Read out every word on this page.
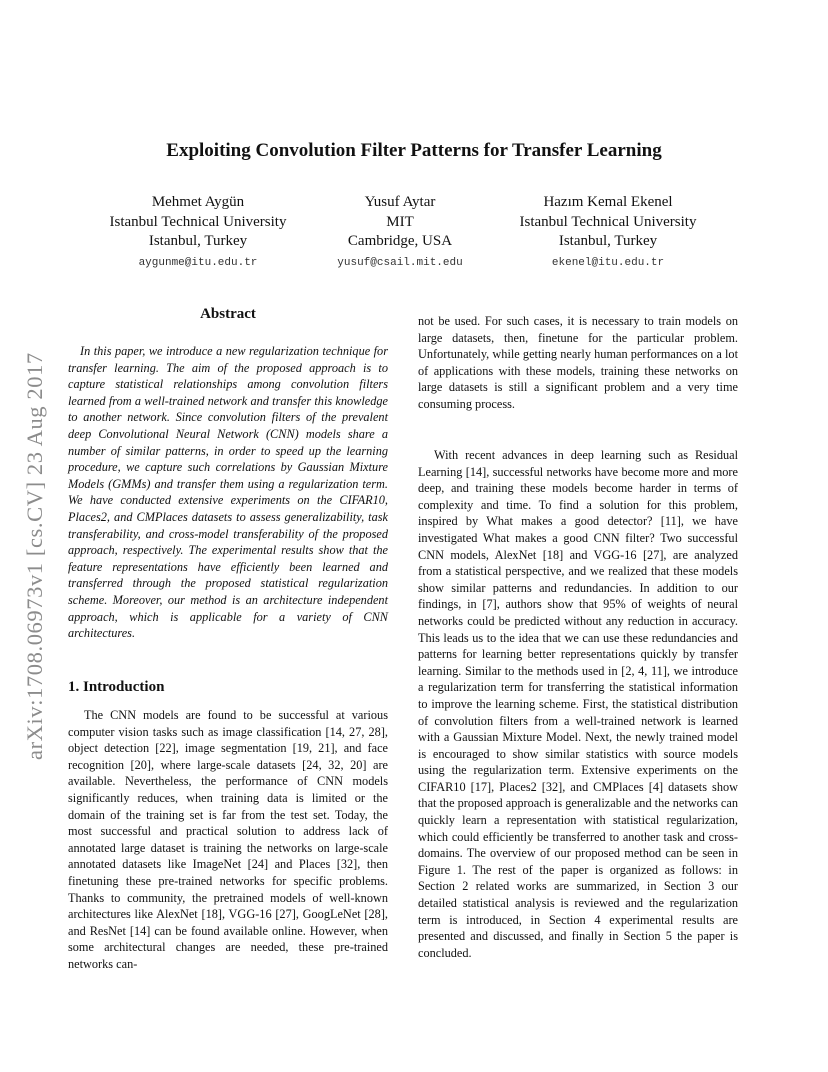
arXiv:1708.06973v1 [cs.CV] 23 Aug 2017
Exploiting Convolution Filter Patterns for Transfer Learning
Mehmet Aygün
Istanbul Technical University
Istanbul, Turkey
aygunme@itu.edu.tr
Yusuf Aytar
MIT
Cambridge, USA
yusuf@csail.mit.edu
Hazım Kemal Ekenel
Istanbul Technical University
Istanbul, Turkey
ekenel@itu.edu.tr
Abstract
In this paper, we introduce a new regularization technique for transfer learning. The aim of the proposed approach is to capture statistical relationships among convolution filters learned from a well-trained network and transfer this knowledge to another network. Since convolution filters of the prevalent deep Convolutional Neural Network (CNN) models share a number of similar patterns, in order to speed up the learning procedure, we capture such correlations by Gaussian Mixture Models (GMMs) and transfer them using a regularization term. We have conducted extensive experiments on the CIFAR10, Places2, and CMPlaces datasets to assess generalizability, task transferability, and cross-model transferability of the proposed approach, respectively. The experimental results show that the feature representations have efficiently been learned and transferred through the proposed statistical regularization scheme. Moreover, our method is an architecture independent approach, which is applicable for a variety of CNN architectures.
1. Introduction
The CNN models are found to be successful at various computer vision tasks such as image classification [14, 27, 28], object detection [22], image segmentation [19, 21], and face recognition [20], where large-scale datasets [24, 32, 20] are available. Nevertheless, the performance of CNN models significantly reduces, when training data is limited or the domain of the training set is far from the test set. Today, the most successful and practical solution to address lack of annotated large dataset is training the networks on large-scale annotated datasets like ImageNet [24] and Places [32], then finetuning these pre-trained networks for specific problems. Thanks to community, the pretrained models of well-known architectures like AlexNet [18], VGG-16 [27], GoogLeNet [28], and ResNet [14] can be found available online. However, when some architectural changes are needed, these pre-trained networks can-
not be used. For such cases, it is necessary to train models on large datasets, then, finetune for the particular problem. Unfortunately, while getting nearly human performances on a lot of applications with these models, training these networks on large datasets is still a significant problem and a very time consuming process.
With recent advances in deep learning such as Residual Learning [14], successful networks have become more and more deep, and training these models become harder in terms of complexity and time. To find a solution for this problem, inspired by What makes a good detector? [11], we have investigated What makes a good CNN filter? Two successful CNN models, AlexNet [18] and VGG-16 [27], are analyzed from a statistical perspective, and we realized that these models show similar patterns and redundancies. In addition to our findings, in [7], authors show that 95% of weights of neural networks could be predicted without any reduction in accuracy. This leads us to the idea that we can use these redundancies and patterns for learning better representations quickly by transfer learning. Similar to the methods used in [2, 4, 11], we introduce a regularization term for transferring the statistical information to improve the learning scheme. First, the statistical distribution of convolution filters from a well-trained network is learned with a Gaussian Mixture Model. Next, the newly trained model is encouraged to show similar statistics with source models using the regularization term. Extensive experiments on the CIFAR10 [17], Places2 [32], and CMPlaces [4] datasets show that the proposed approach is generalizable and the networks can quickly learn a representation with statistical regularization, which could efficiently be transferred to another task and cross-domains. The overview of our proposed method can be seen in Figure 1. The rest of the paper is organized as follows: in Section 2 related works are summarized, in Section 3 our detailed statistical analysis is reviewed and the regularization term is introduced, in Section 4 experimental results are presented and discussed, and finally in Section 5 the paper is concluded.
